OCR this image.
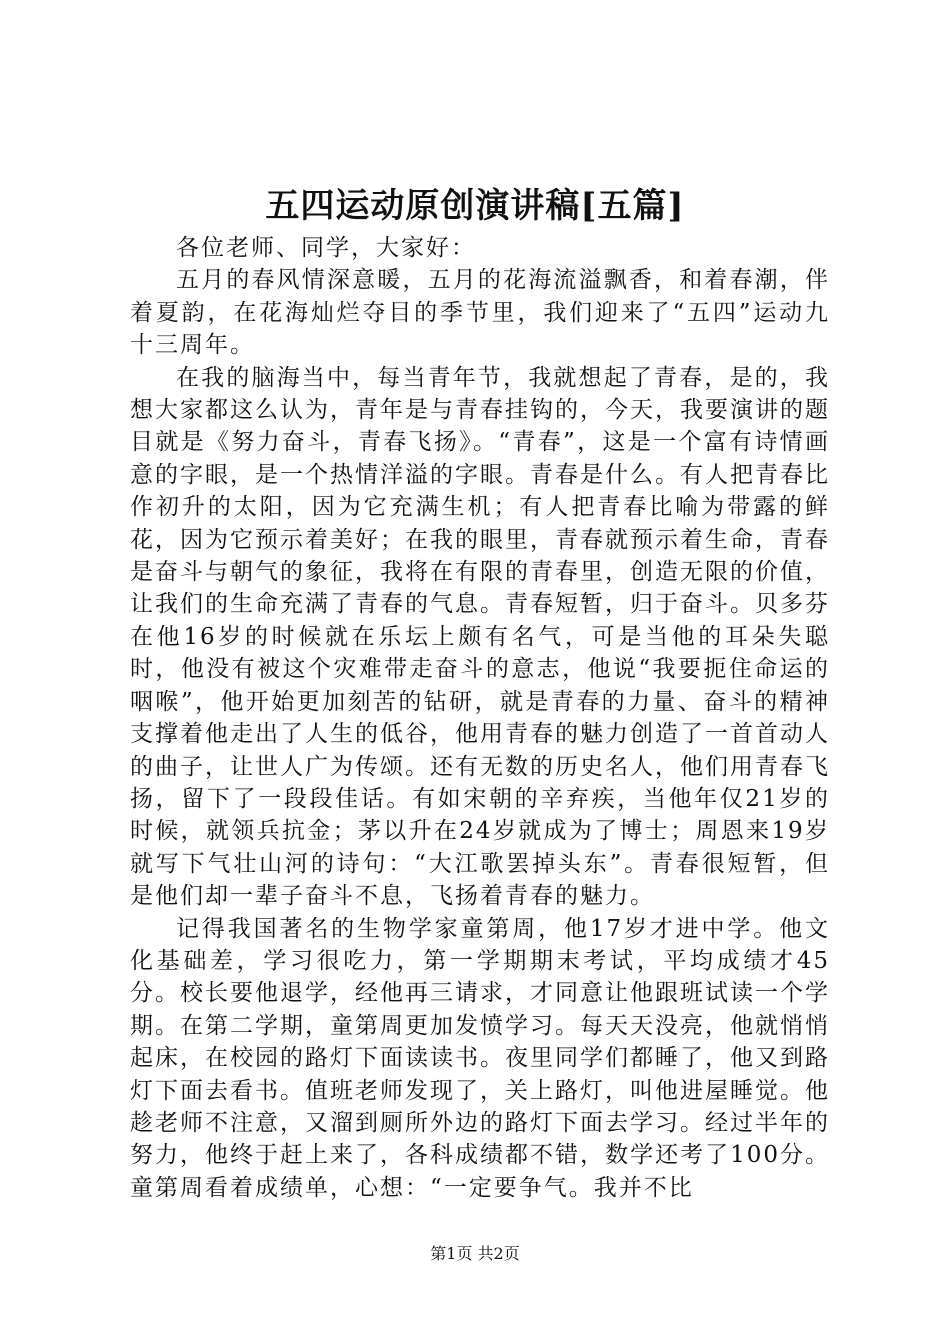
五四运动原创演讲稿[五篇]

各位老师、同学，大家好：

五月的春风情深意暖，五月的花海流溢飘香，和着春潮，伴着夏韵，在花海灿烂夺目的季节里，我们迎来了“五四”运动九十三周年。

在我的脑海当中，每当青年节，我就想起了青春，是的，我想大家都这么认为，青年是与青春挂钩的，今天，我要演讲的题目就是《努力奋斗，青春飞扬》。“青春”，这是一个富有诗情画意的字眼，是一个热情洋溢的字眼。青春是什么。有人把青春比作初升的太阳，因为它充满生机；有人把青春比喻为带露的鲜花，因为它预示着美好；在我的眼里，青春就预示着生命，青春是奋斗与朝气的象征，我将在有限的青春里，创造无限的价值，让我们的生命充满了青春的气息。青春短暂，归于奋斗。贝多芬在他16岁的时候就在乐坛上颇有名气，可是当他的耳朵失聪时，他没有被这个灾难带走奋斗的意志，他说“我要扼住命运的咽喉”，他开始更加刻苦的钻研，就是青春的力量、奋斗的精神支撑着他走出了人生的低谷，他用青春的魅力创造了一首首动人的曲子，让世人广为传颂。还有无数的历史名人，他们用青春飞扬，留下了一段段佳话。有如宋朝的辛弃疾，当他年仅21岁的时候，就领兵抗金；茅以升在24岁就成为了博士；周恩来19岁就写下气壮山河的诗句：“大江歌罢掉头东”。青春很短暂，但是他们却一辈子奋斗不息，飞扬着青春的魅力。

记得我国著名的生物学家童第周，他17岁才进中学。他文化基础差，学习很吃力，第一学期期末考试，平均成绩才45分。校长要他退学，经他再三请求，才同意让他跟班试读一个学期。在第二学期，童第周更加发愤学习。每天天没亮，他就悄悄起床，在校园的路灯下面读读书。夜里同学们都睡了，他又到路灯下面去看书。值班老师发现了，关上路灯，叫他进屋睡觉。他趁老师不注意，又溜到厕所外边的路灯下面去学习。经过半年的努力，他终于赶上来了，各科成绩都不错，数学还考了100分。童第周看着成绩单，心想：“一定要争气。我并不比

第1页 共2页
